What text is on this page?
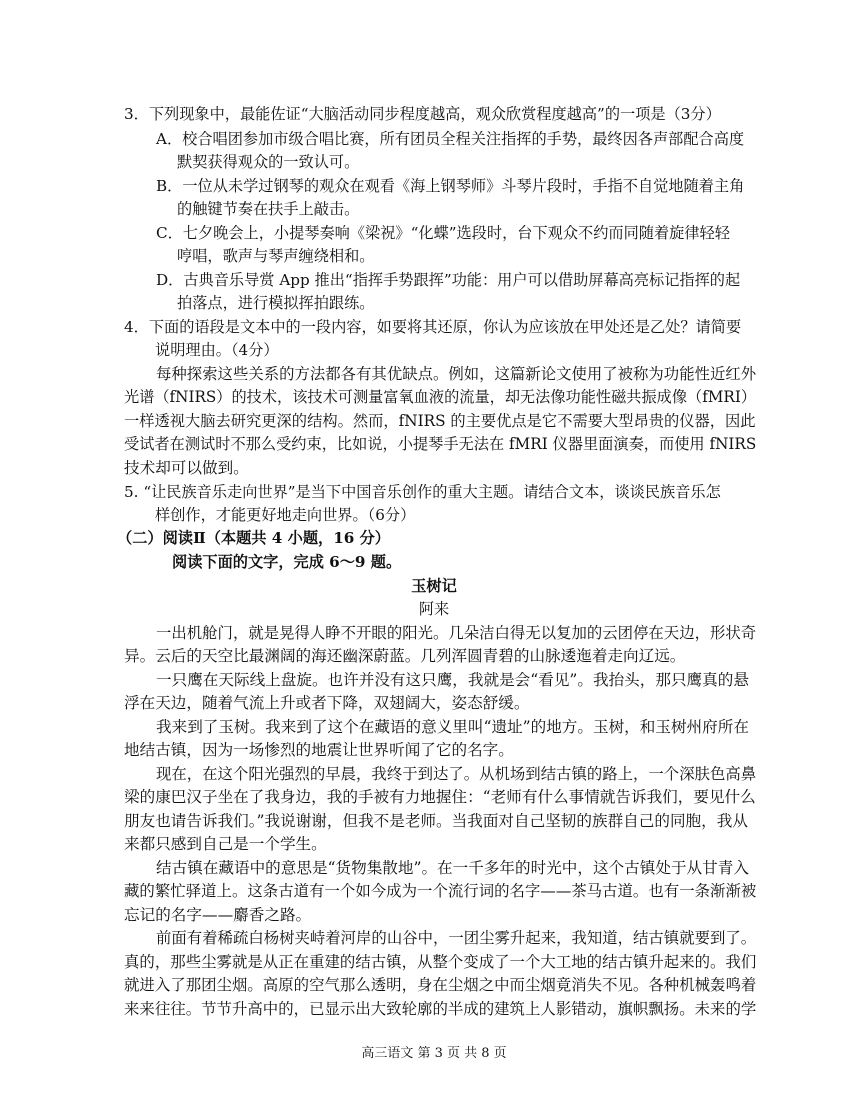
3．下列现象中，最能佐证“大脑活动同步程度越高，观众欣赏程度越高”的一项是（3分）
A．校合唱团参加市级合唱比赛，所有团员全程关注指挥的手势，最终因各声部配合高度
默契获得观众的一致认可。
B．一位从未学过钢琴的观众在观看《海上钢琴师》斗琴片段时，手指不自觉地随着主角
的触键节奏在扶手上敲击。
C．七夕晚会上，小提琴奏响《梁祝》“化蝶”选段时，台下观众不约而同随着旋律轻轻
哼唱，歌声与琴声缠绕相和。
D．古典音乐导赏 App 推出“指挥手势跟挥”功能：用户可以借助屏幕高亮标记指挥的起
拍落点，进行模拟挥拍跟练。
4．下面的语段是文本中的一段内容，如要将其还原，你认为应该放在甲处还是乙处？请简要
说明理由。（4分）
每种探索这些关系的方法都各有其优缺点。例如，这篇新论文使用了被称为功能性近红外
光谱（fNIRS）的技术，该技术可测量富氧血液的流量，却无法像功能性磁共振成像（fMRI）
一样透视大脑去研究更深的结构。然而，fNIRS 的主要优点是它不需要大型昂贵的仪器，因此
受试者在测试时不那么受约束，比如说，小提琴手无法在 fMRI 仪器里面演奏，而使用 fNIRS
技术却可以做到。
5. “让民族音乐走向世界”是当下中国音乐创作的重大主题。请结合文本，谈谈民族音乐怎
样创作，才能更好地走向世界。（6分）
（二）阅读Ⅱ（本题共 4 小题，16 分）
阅读下面的文字，完成 6～9 题。
玉树记
阿来
一出机舱门，就是晃得人睁不开眼的阳光。几朵洁白得无以复加的云团停在天边，形状奇
异。云后的天空比最渊阔的海还幽深蔚蓝。几列浑圆青碧的山脉逶迤着走向辽远。
一只鹰在天际线上盘旋。也许并没有这只鹰，我就是会“看见”。我抬头，那只鹰真的悬
浮在天边，随着气流上升或者下降，双翅阔大，姿态舒缓。
我来到了玉树。我来到了这个在藏语的意义里叫“遗址”的地方。玉树，和玉树州府所在
地结古镇，因为一场惨烈的地震让世界听闻了它的名字。
现在，在这个阳光强烈的早晨，我终于到达了。从机场到结古镇的路上，一个深肤色高鼻
梁的康巴汉子坐在了我身边，我的手被有力地握住：“老师有什么事情就告诉我们，要见什么
朋友也请告诉我们。”我说谢谢，但我不是老师。当我面对自己坚韧的族群自己的同胞，我从
来都只感到自己是一个学生。
结古镇在藏语中的意思是“货物集散地”。在一千多年的时光中，这个古镇处于从甘青入
藏的繁忙驿道上。这条古道有一个如今成为一个流行词的名字——茶马古道。也有一条渐渐被
忘记的名字——麝香之路。
前面有着稀疏白杨树夹峙着河岸的山谷中，一团尘雾升起来，我知道，结古镇就要到了。
真的，那些尘雾就是从正在重建的结古镇，从整个变成了一个大工地的结古镇升起来的。我们
就进入了那团尘烟。高原的空气那么透明，身在尘烟之中而尘烟竟消失不见。各种机械轰鸣着
来来往往。节节升高中的，已显示出大致轮廓的半成的建筑上人影错动，旗帜飘扬。未来的学
高三语文 第 3 页 共 8 页
